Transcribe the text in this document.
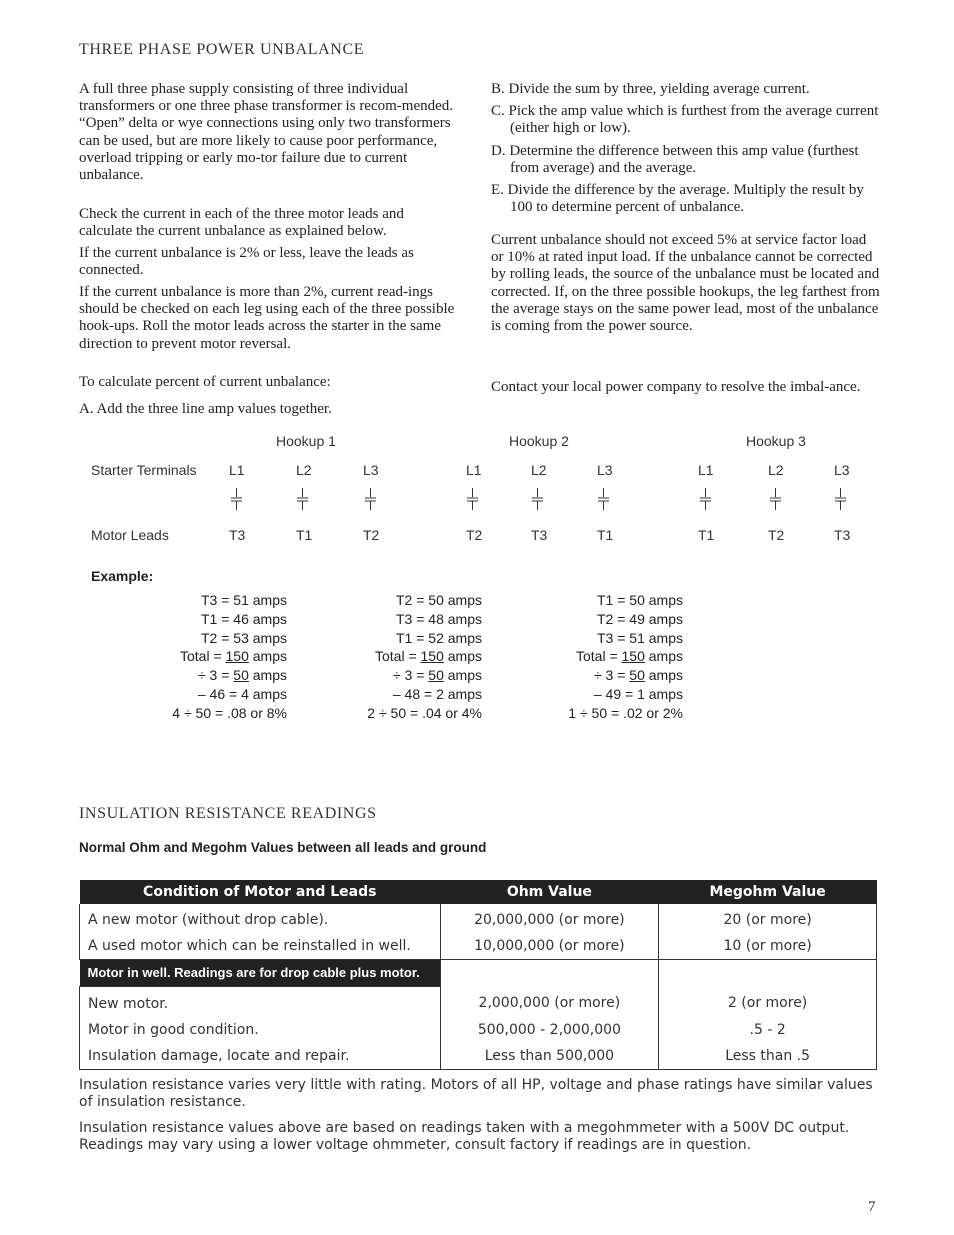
THREE PHASE POWER UNBALANCE

A full three phase supply consisting of three individual transformers or one three phase transformer is recom-mended. “Open” delta or wye connections using only two transformers can be used, but are more likely to cause poor performance, overload tripping or early mo-tor failure due to current unbalance.

Check the current in each of the three motor leads and calculate the current unbalance as explained below.

If the current unbalance is 2% or less, leave the leads as connected.

If the current unbalance is more than 2%, current read-ings should be checked on each leg using each of the three possible hook-ups. Roll the motor leads across the starter in the same direction to prevent motor reversal.

To calculate percent of current unbalance:

A. Add the three line amp values together.

B. Divide the sum by three, yielding average current.
C. Pick the amp value which is furthest from the average current (either high or low).
D. Determine the difference between this amp value (furthest from average) and the average.
E. Divide the difference by the average. Multiply the result by 100 to determine percent of unbalance.

Current unbalance should not exceed 5% at service factor load or 10% at rated input load. If the unbalance cannot be corrected by rolling leads, the source of the unbalance must be located and corrected. If, on the three possible hookups, the leg farthest from the average stays on the same power lead, most of the unbalance is coming from the power source.

Contact your local power company to resolve the imbal-ance.

Starter Terminals
Motor Leads
Hookup 1
L1	L2	L3
T3	T1	T2
Hookup 2
L1	L2	L3
T2	T3	T1
Hookup 3
L1	L2	L3
T1	T2	T3
Example:
T3 = 51 amps
T1 = 46 amps
T2 = 53 amps
Total = 150 amps
÷ 3 = 50 amps
– 46 = 4 amps
4 ÷ 50 = .08 or 8%
T2 = 50 amps
T3 = 48 amps
T1 = 52 amps
Total = 150 amps
÷ 3 = 50 amps
– 48 = 2 amps
2 ÷ 50 = .04 or 4%
T1 = 50 amps
T2 = 49 amps
T3 = 51 amps
Total = 150 amps
÷ 3 = 50 amps
– 49 = 1 amps
1 ÷ 50 = .02 or 2%
INSULATION RESISTANCE READINGS
Normal Ohm and Megohm Values between all leads and ground
Condition of Motor and Leads	Ohm Value	Megohm Value
A new motor (without drop cable).	20,000,000 (or more)	20 (or more)
A used motor which can be reinstalled in well.	10,000,000 (or more)	10 (or more)
Motor in well. Readings are for drop cable plus motor.		
New motor.	2,000,000 (or more)	2 (or more)
Motor in good condition.	500,000 - 2,000,000	.5 - 2
Insulation damage, locate and repair.	Less than 500,000	Less than .5

Insulation resistance varies very little with rating. Motors of all HP, voltage and phase ratings have similar values of insulation resistance.

Insulation resistance values above are based on readings taken with a megohmmeter with a 500V DC output. Readings may vary using a lower voltage ohmmeter, consult factory if readings are in question.

7
